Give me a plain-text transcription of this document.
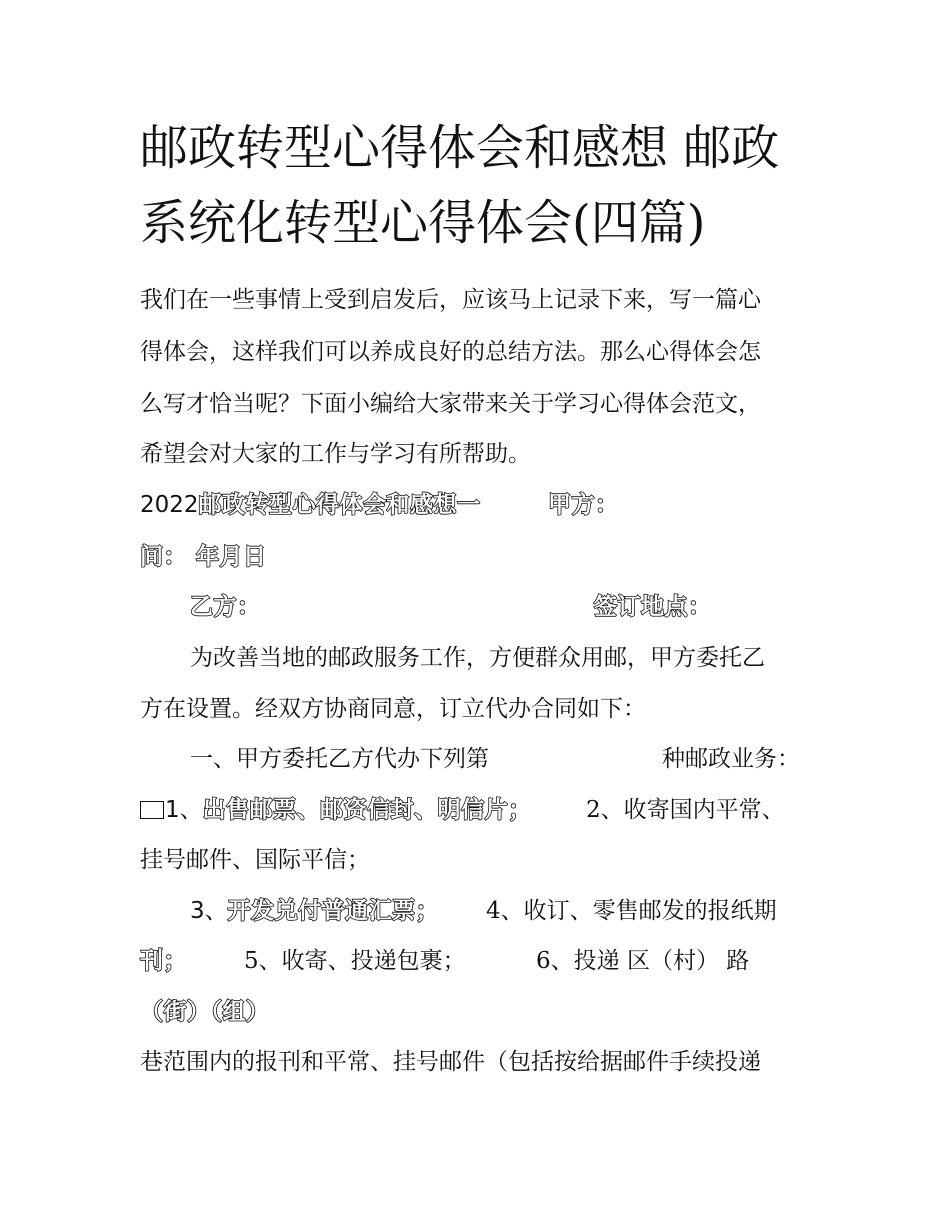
邮政转型心得体会和感想 邮政
系统化转型心得体会(四篇)
我们在一些事情上受到启发后，应该马上记录下来，写一篇心
得体会，这样我们可以养成良好的总结方法。那么心得体会怎
么写才恰当呢？下面小编给大家带来关于学习心得体会范文，
希望会对大家的工作与学习有所帮助。
2022邮政转型心得体会和感想一	甲方：
间： 年月日
乙方：	签订地点：
为改善当地的邮政服务工作，方便群众用邮，甲方委托乙
方在设置。经双方协商同意，订立代办合同如下：
一、甲方委托乙方代办下列第	种邮政业务：
1、出售邮票、邮资信封、明信片； 2、收寄国内平常、
挂号邮件、国际平信；
3、开发兑付普通汇票； 4、收订、零售邮发的报纸期
刊； 5、收寄、投递包裹；	6、投递 区（村） 路
（街）（组）
巷范围内的报刊和平常、挂号邮件（包括按给据邮件手续投递
